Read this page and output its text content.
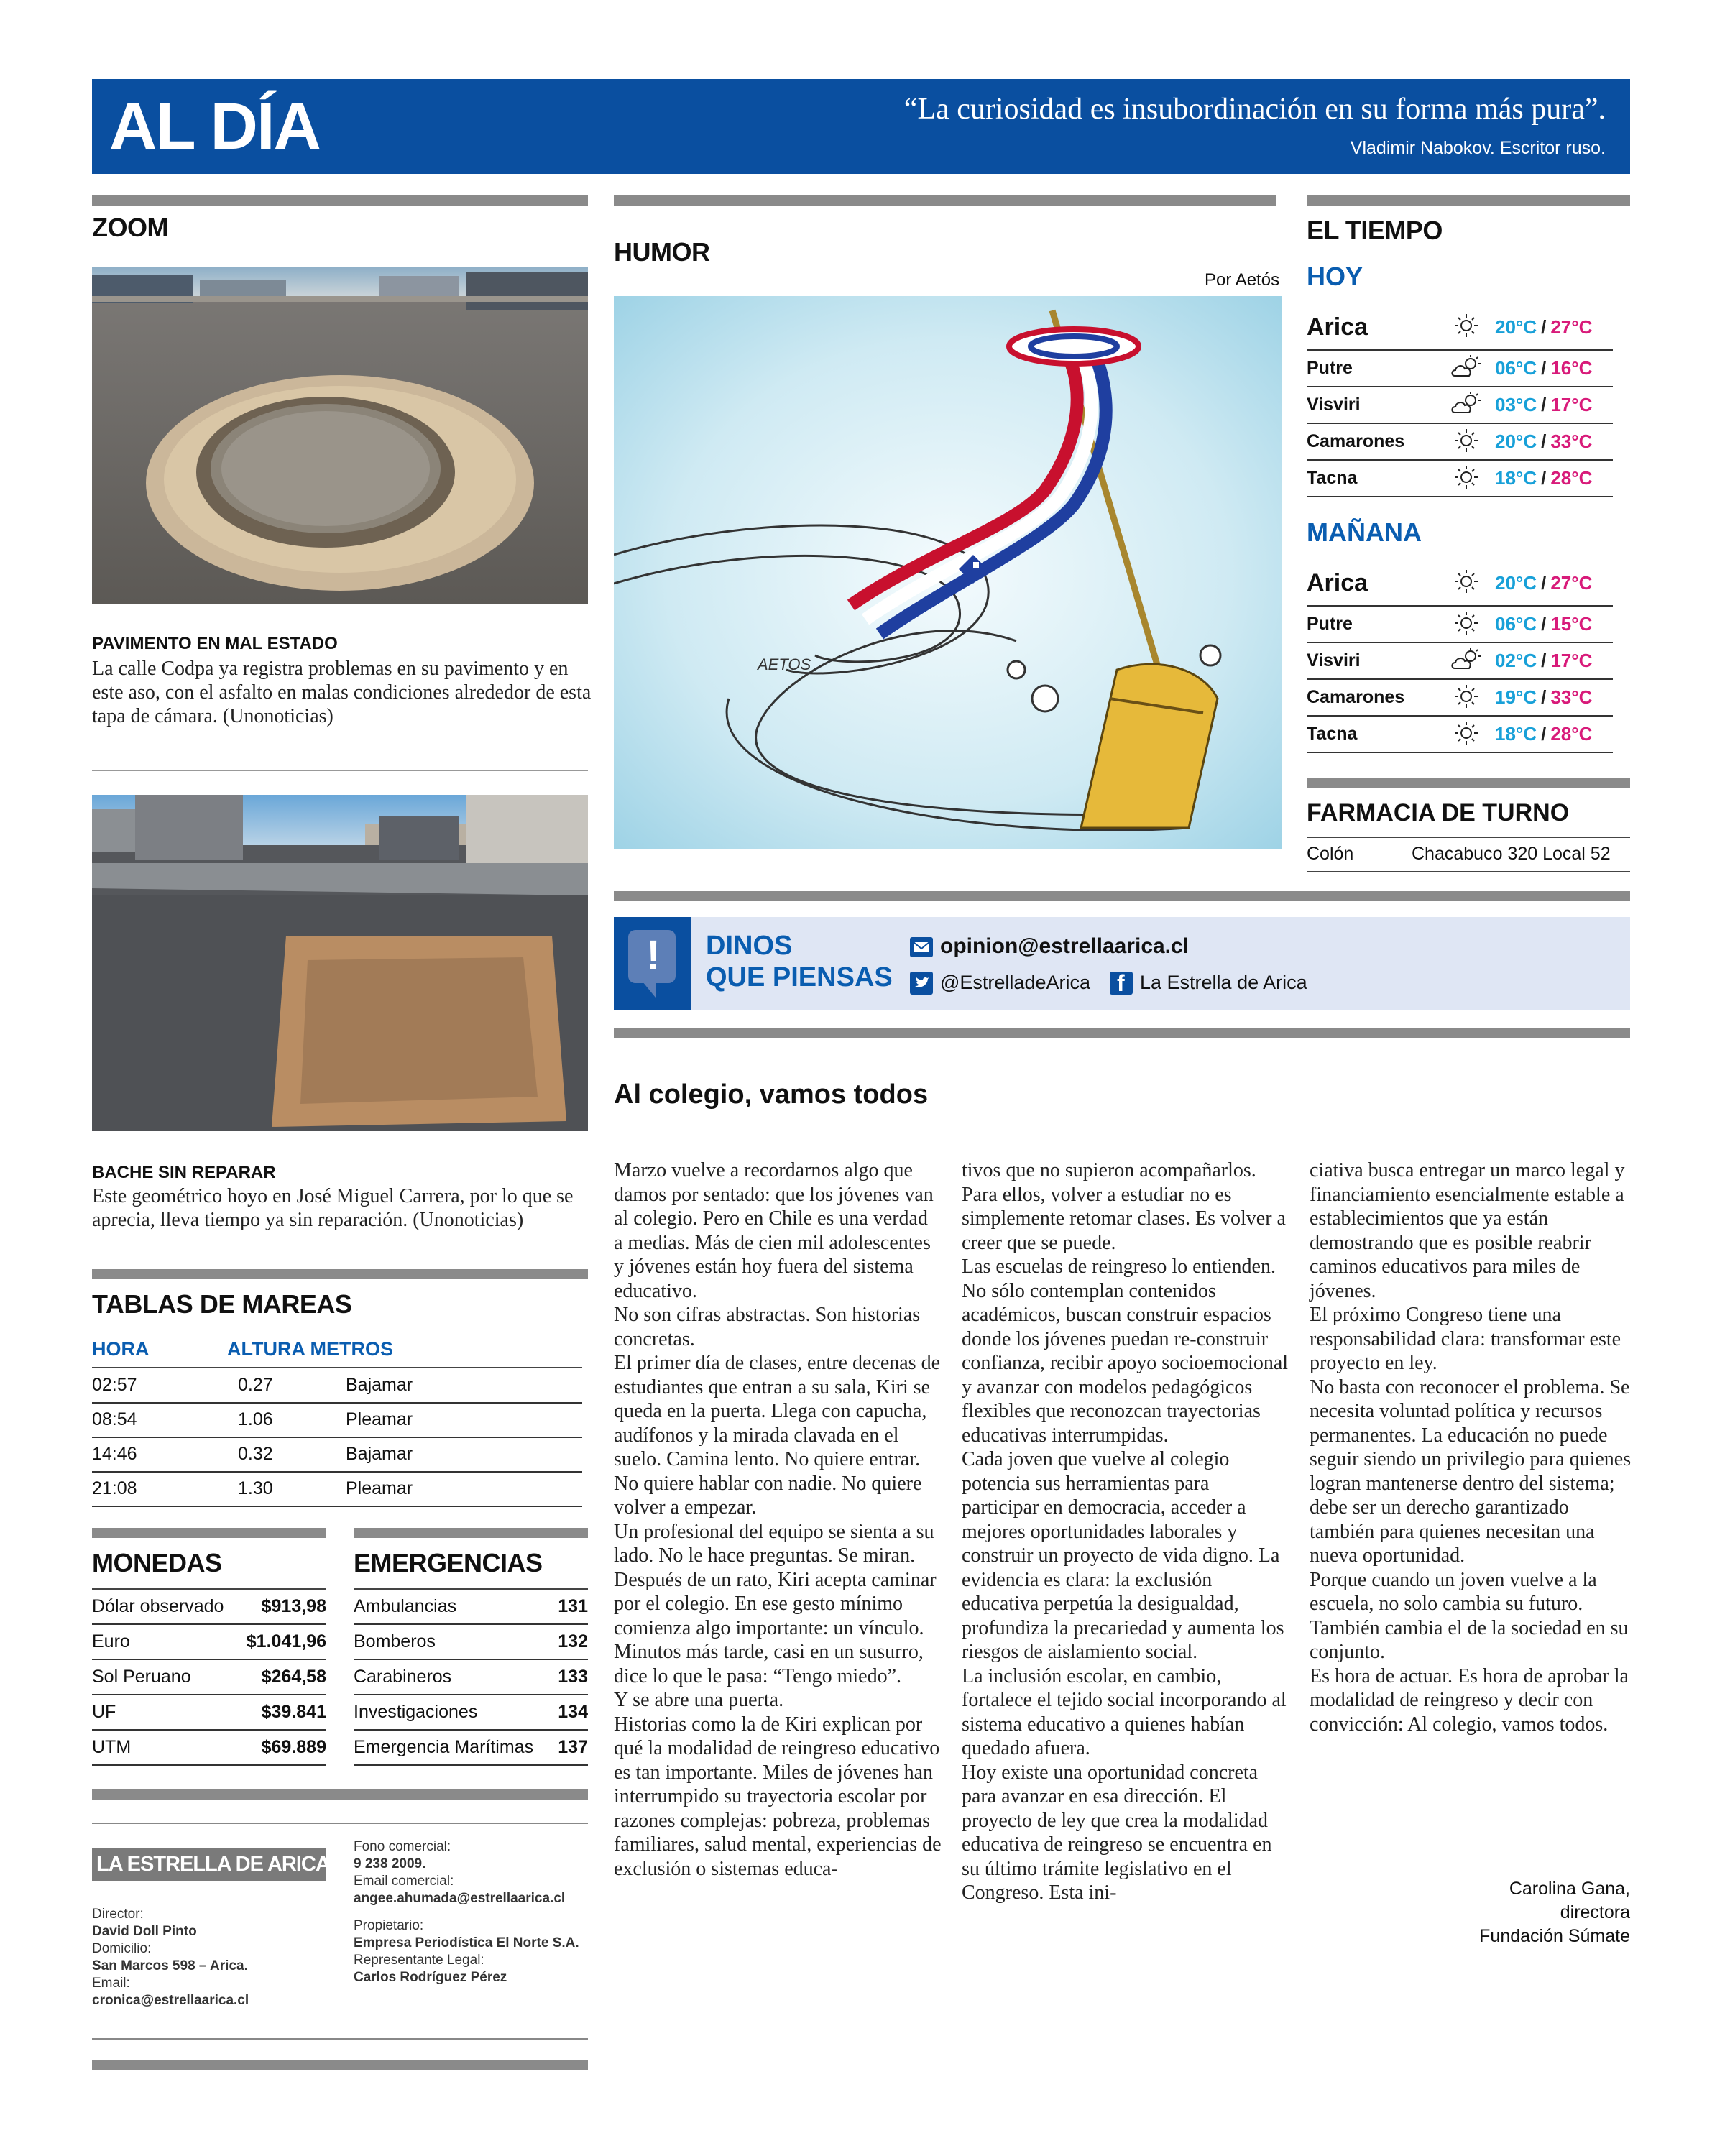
AL DÍA	“La curiosidad es insubordinación en su forma más pura”.
Vladimir Nabokov. Escritor ruso.
ZOOM
PAVIMENTO EN MAL ESTADO
La calle Codpa ya registra problemas en su pavimento y en este aso, con el asfalto en malas condiciones alrededor de esta tapa de cámara. (Unonoticias)
BACHE SIN REPARAR
Este geométrico hoyo en José Miguel Carrera, por lo que se aprecia, lleva tiempo ya sin reparación. (Unonoticias)
TABLAS DE MAREAS
HORA	ALTURA METROS
02:57	0.27	Bajamar
08:54	1.06	Pleamar
14:46	0.32	Bajamar
21:08	1.30	Pleamar
MONEDAS
Dólar observado $913,98
Euro	$1.041,96
Sol Peruano	$264,58
UF	$39.841
UTM	$69.889
EMERGENCIAS
Ambulancias	131
Bomberos	132
Carabineros	133
Investigaciones	134
Emergencia Marítimas 137
LA ESTRELLA DE ARICA
Director:
David Doll Pinto
Domicilio:
San Marcos 598 – Arica.
Email:
cronica@estrellaarica.cl
Fono comercial:
9 238 2009.
Email comercial:
angee.ahumada@estrellaarica.cl
Propietario:
Empresa Periodística El Norte S.A.
Representante Legal:
Carlos Rodríguez Pérez
HUMOR
Por Aetós
AETOS
! DINOS
QUE PIENSAS
opinion@estrellaarica.cl
@EstrelladeArica f La Estrella de Arica
EL TIEMPO
HOY
Arica	20°C / 27°C
Putre	06°C / 16°C
Visviri	03°C / 17°C
Camarones	20°C / 33°C
Tacna	18°C / 28°C
MAÑANA
Arica	20°C / 27°C
Putre	06°C / 15°C
Visviri	02°C / 17°C
Camarones	19°C / 33°C
Tacna	18°C / 28°C
FARMACIA DE TURNO
Colón	Chacabuco 320 Local 52
Al colegio, vamos todos

Marzo vuelve a recordarnos algo que damos por sentado: que los jóvenes van al colegio. Pero en Chile es una verdad a medias. Más de cien mil adolescentes y jóvenes están hoy fuera del sistema educativo.

No son cifras abstractas. Son historias concretas.

El primer día de clases, entre decenas de estudiantes que entran a su sala, Kiri se queda en la puerta. Llega con capucha, audífonos y la mirada clavada en el suelo. Camina lento. No quiere entrar. No quiere hablar con nadie. No quiere volver a empezar.

Un profesional del equipo se sienta a su lado. No le hace preguntas. Se miran. Después de un rato, Kiri acepta caminar por el colegio. En ese gesto mínimo comienza algo importante: un vínculo. Minutos más tarde, casi en un susurro, dice lo que le pasa: “Tengo miedo”.

Y se abre una puerta.

Historias como la de Kiri explican por qué la modalidad de reingreso educativo es tan importante. Miles de jóvenes han interrumpido su trayectoria escolar por razones complejas: pobreza, problemas familiares, salud mental, experiencias de exclusión o sistemas educa-

tivos que no supieron acompañarlos.

Para ellos, volver a estudiar no es simplemente retomar clases. Es volver a creer que se puede.

Las escuelas de reingreso lo entienden. No sólo contemplan contenidos académicos, buscan construir espacios donde los jóvenes puedan re-construir confianza, recibir apoyo socioemocional y avanzar con modelos pedagógicos flexibles que reconozcan trayectorias educativas interrumpidas.

Cada joven que vuelve al colegio potencia sus herramientas para participar en democracia, acceder a mejores oportunidades laborales y construir un proyecto de vida digno. La evidencia es clara: la exclusión educativa perpetúa la desigualdad, profundiza la precariedad y aumenta los riesgos de aislamiento social.

La inclusión escolar, en cambio, fortalece el tejido social incorporando al sistema educativo a quienes habían quedado afuera.

Hoy existe una oportunidad concreta para avanzar en esa dirección. El proyecto de ley que crea la modalidad educativa de reingreso se encuentra en su último trámite legislativo en el Congreso. Esta ini-

ciativa busca entregar un marco legal y financiamiento esencialmente estable a establecimientos que ya están demostrando que es posible reabrir caminos educativos para miles de jóvenes.

El próximo Congreso tiene una responsabilidad clara: transformar este proyecto en ley.

No basta con reconocer el problema. Se necesita voluntad política y recursos permanentes. La educación no puede seguir siendo un privilegio para quienes logran mantenerse dentro del sistema; debe ser un derecho garantizado también para quienes necesitan una nueva oportunidad.

Porque cuando un joven vuelve a la escuela, no solo cambia su futuro. También cambia el de la sociedad en su conjunto.

Es hora de actuar. Es hora de aprobar la modalidad de reingreso y decir con convicción: Al colegio, vamos todos.

Carolina Gana,
directora
Fundación Súmate
